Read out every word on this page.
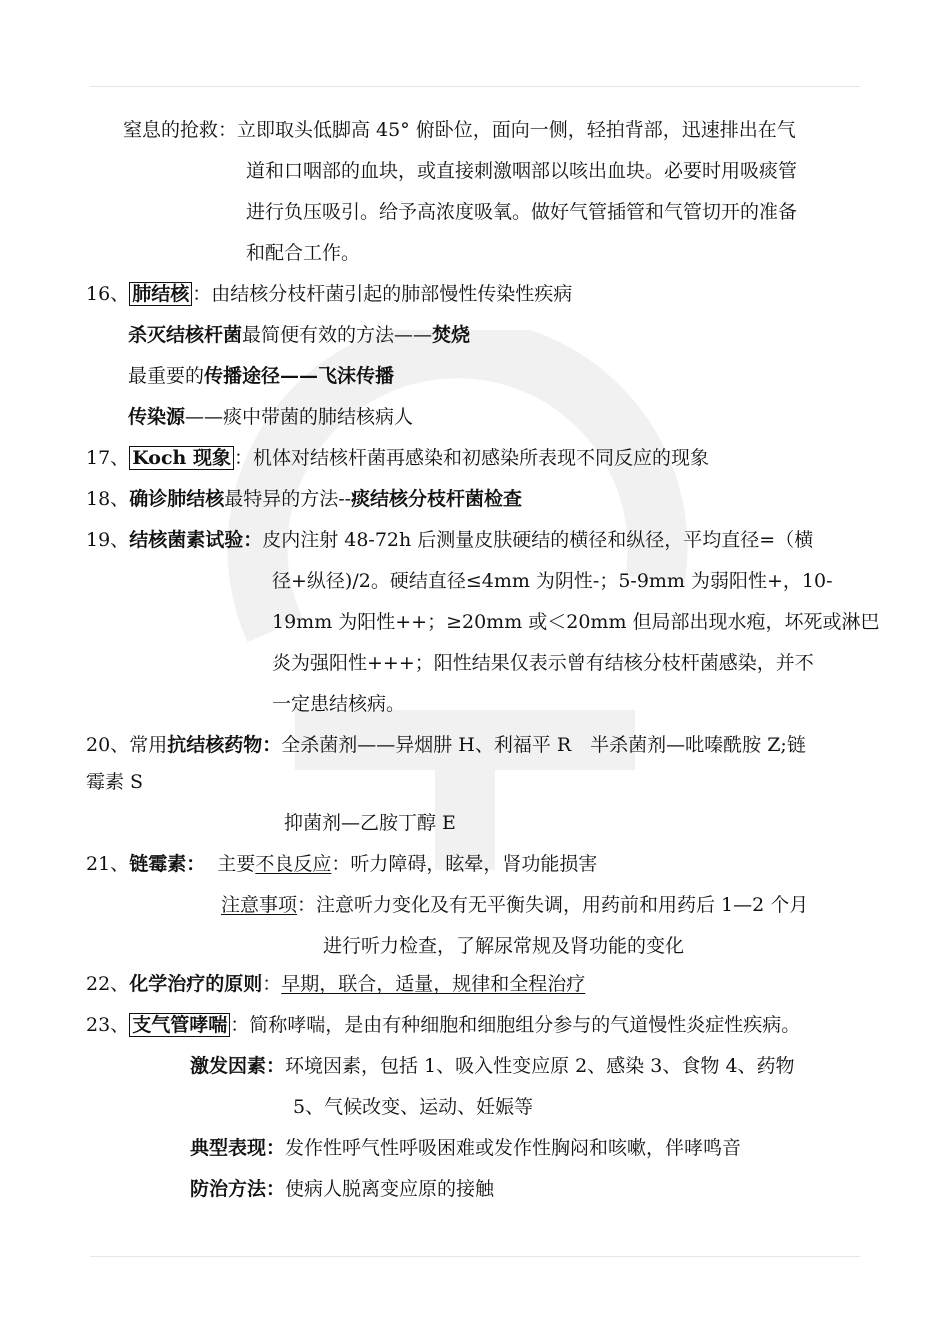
窒息的抢救：立即取头低脚高 45° 俯卧位，面向一侧，轻拍背部，迅速排出在气
道和口咽部的血块，或直接刺激咽部以咳出血块。必要时用吸痰管
进行负压吸引。给予高浓度吸氧。做好气管插管和气管切开的准备
和配合工作。
16、 肺结核 ：由结核分枝杆菌引起的肺部慢性传染性疾病
杀灭结核杆菌最简便有效的方法——焚烧
最重要的传播途径——飞沫传播
传染源——痰中带菌的肺结核病人
17、 Koch 现象 ：机体对结核杆菌再感染和初感染所表现不同反应的现象
18、确诊肺结核最特异的方法--痰结核分枝杆菌检查
19、结核菌素试验：皮内注射 48-72h 后测量皮肤硬结的横径和纵径，平均直径=（横
径+纵径)/2。硬结直径≤4mm 为阴性-；5-9mm 为弱阳性+，10-
19mm 为阳性++；≥20mm 或＜20mm 但局部出现水疱，坏死或淋巴
炎为强阳性+++；阳性结果仅表示曾有结核分枝杆菌感染，并不
一定患结核病。
20、常用抗结核药物：全杀菌剂——异烟肼 H、利福平 R　半杀菌剂—吡嗪酰胺 Z;链
霉素 S
抑菌剂—乙胺丁醇 E
21、链霉素： 主要不良反应：听力障碍，眩晕，肾功能损害
注意事项：注意听力变化及有无平衡失调，用药前和用药后 1—2 个月
进行听力检查，了解尿常规及肾功能的变化
22、化学治疗的原则：早期，联合，适量，规律和全程治疗
23、 支气管哮喘 ：简称哮喘，是由有种细胞和细胞组分参与的气道慢性炎症性疾病。
激发因素：环境因素，包括 1、吸入性变应原 2、感染 3、食物 4、药物
5、气候改变、运动、妊娠等
典型表现：发作性呼气性呼吸困难或发作性胸闷和咳嗽，伴哮鸣音
防治方法：使病人脱离变应原的接触
